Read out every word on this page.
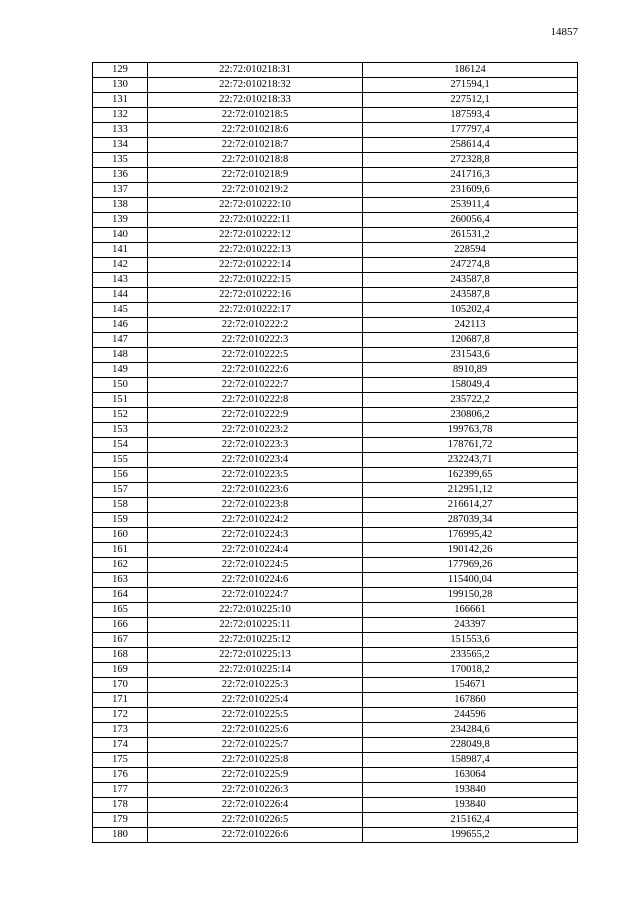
14857
129	22:72:010218:31	186124
130	22:72:010218:32	271594,1
131	22:72:010218:33	227512,1
132	22:72:010218:5	187593,4
133	22:72:010218:6	177797,4
134	22:72:010218:7	258614,4
135	22:72:010218:8	272328,8
136	22:72:010218:9	241716,3
137	22:72:010219:2	231609,6
138	22:72:010222:10	253911,4
139	22:72:010222:11	260056,4
140	22:72:010222:12	261531,2
141	22:72:010222:13	228594
142	22:72:010222:14	247274,8
143	22:72:010222:15	243587,8
144	22:72:010222:16	243587,8
145	22:72:010222:17	105202,4
146	22:72:010222:2	242113
147	22:72:010222:3	120687,8
148	22:72:010222:5	231543,6
149	22:72:010222:6	8910,89
150	22:72:010222:7	158049,4
151	22:72:010222:8	235722,2
152	22:72:010222:9	230806,2
153	22:72:010223:2	199763,78
154	22:72:010223:3	178761,72
155	22:72:010223:4	232243,71
156	22:72:010223:5	162399,65
157	22:72:010223:6	212951,12
158	22:72:010223:8	216614,27
159	22:72:010224:2	287039,34
160	22:72:010224:3	176995,42
161	22:72:010224:4	190142,26
162	22:72:010224:5	177969,26
163	22:72:010224:6	115400,04
164	22:72:010224:7	199150,28
165	22:72:010225:10	166661
166	22:72:010225:11	243397
167	22:72:010225:12	151553,6
168	22:72:010225:13	233565,2
169	22:72:010225:14	170018,2
170	22:72:010225:3	154671
171	22:72:010225:4	167860
172	22:72:010225:5	244596
173	22:72:010225:6	234284,6
174	22:72:010225:7	228049,8
175	22:72:010225:8	158987,4
176	22:72:010225:9	163064
177	22:72:010226:3	193840
178	22:72:010226:4	193840
179	22:72:010226:5	215162,4
180	22:72:010226:6	199655,2
